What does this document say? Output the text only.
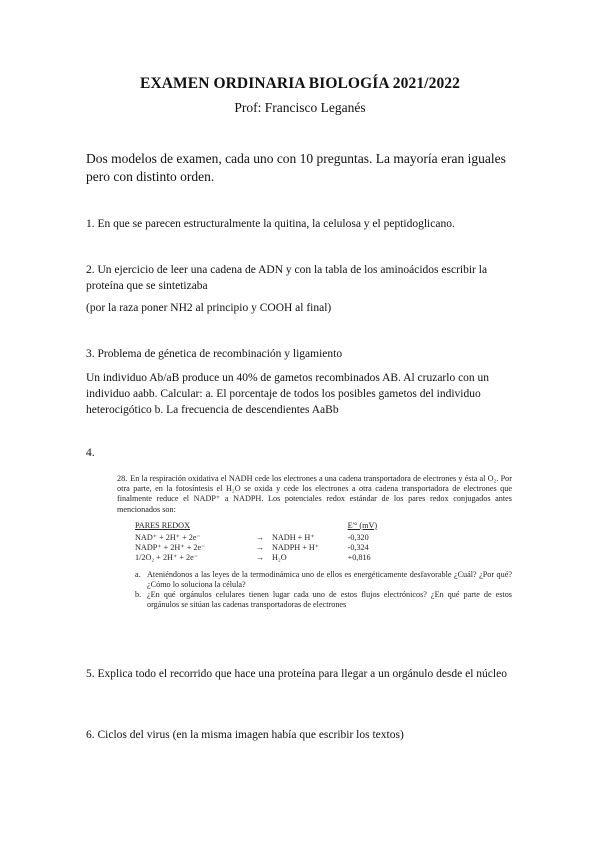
EXAMEN ORDINARIA BIOLOGÍA 2021/2022
Prof: Francisco Leganés
Dos modelos de examen, cada uno con 10 preguntas. La mayoría eran iguales pero con distinto orden.

1. En que se parecen estructuralmente la quitina, la celulosa y el peptidoglicano.

2. Un ejercicio de leer una cadena de ADN y con la tabla de los aminoácidos escribir la proteína que se sintetizaba

(por la raza poner NH2 al principio y COOH al final)

3. Problema de génetica de recombinación y ligamiento

Un individuo Ab/aB produce un 40% de gametos recombinados AB. Al cruzarlo con un individuo aabb. Calcular: a. El porcentaje de todos los posibles gametos del individuo heterocigótico b. La frecuencia de descendientes AaBb

4.

28. En la respiración oxidativa el NADH cede los electrones a una cadena transportadora de electrones y ésta al O₂. Por otra parte, en la fotosíntesis el H₂O se oxida y cede los electrones a otra cadena transportadora de electrones que finalmente reduce el NADP⁺ a NADPH. Los potenciales redox estándar de los pares redox conjugados antes mencionados son:

PARES REDOX			E'° (mV)
NAD⁺ + 2H⁺ + 2e⁻	→	NADH + H⁺	-0,320
NADP⁺ + 2H⁺ + 2e⁻	→	NADPH + H⁺	-0,324
1/2O₂ + 2H⁺ + 2e⁻	→	H₂O	+0,816
a. Ateniéndonos a las leyes de la termodinámica uno de ellos es energéticamente desfavorable ¿Cuál? ¿Por qué? ¿Cómo lo soluciona la célula?
b. ¿En qué orgánulos celulares tienen lugar cada uno de estos flujos electrónicos? ¿En qué parte de estos orgánulos se sitúan las cadenas transportadoras de electrones

5. Explica todo el recorrido que hace una proteína para llegar a un orgánulo desde el núcleo

6. Ciclos del virus (en la misma imagen había que escribir los textos)
